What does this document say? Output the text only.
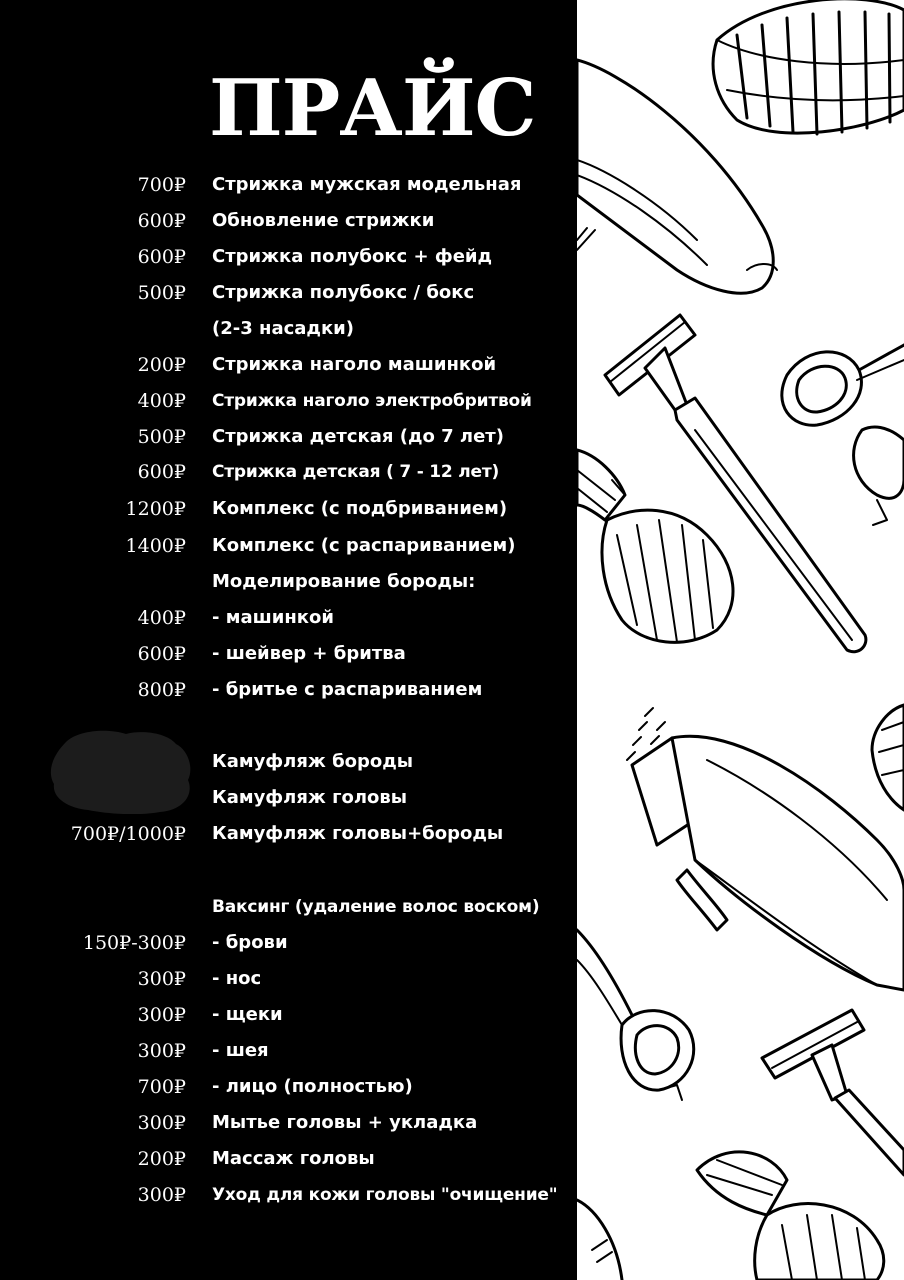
ПРАЙС
700₽ Стрижка мужская модельная
600₽ Обновление стрижки
600₽ Стрижка полубокс + фейд
500₽ Стрижка полубокс / бокс
(2-3 насадки)
200₽ Стрижка наголо машинкой
400₽ Стрижка наголо электробритвой
500₽ Стрижка детская (до 7 лет)
600₽ Стрижка детская ( 7 - 12 лет)
1200₽ Комплекс (с подбриванием)
1400₽ Комплекс (с распариванием)
Моделирование бороды:
400₽ - машинкой
600₽ - шейвер + бритва
800₽ - бритье с распариванием
Камуфляж бороды
Камуфляж головы
700₽/1000₽ Камуфляж головы+бороды
Ваксинг (удаление волос воском)
150₽-300₽ - брови
300₽ - нос
300₽ - щеки
300₽ - шея
700₽ - лицо (полностью)
300₽ Мытье головы + укладка
200₽ Массаж головы
300₽ Уход для кожи головы "очищение"
